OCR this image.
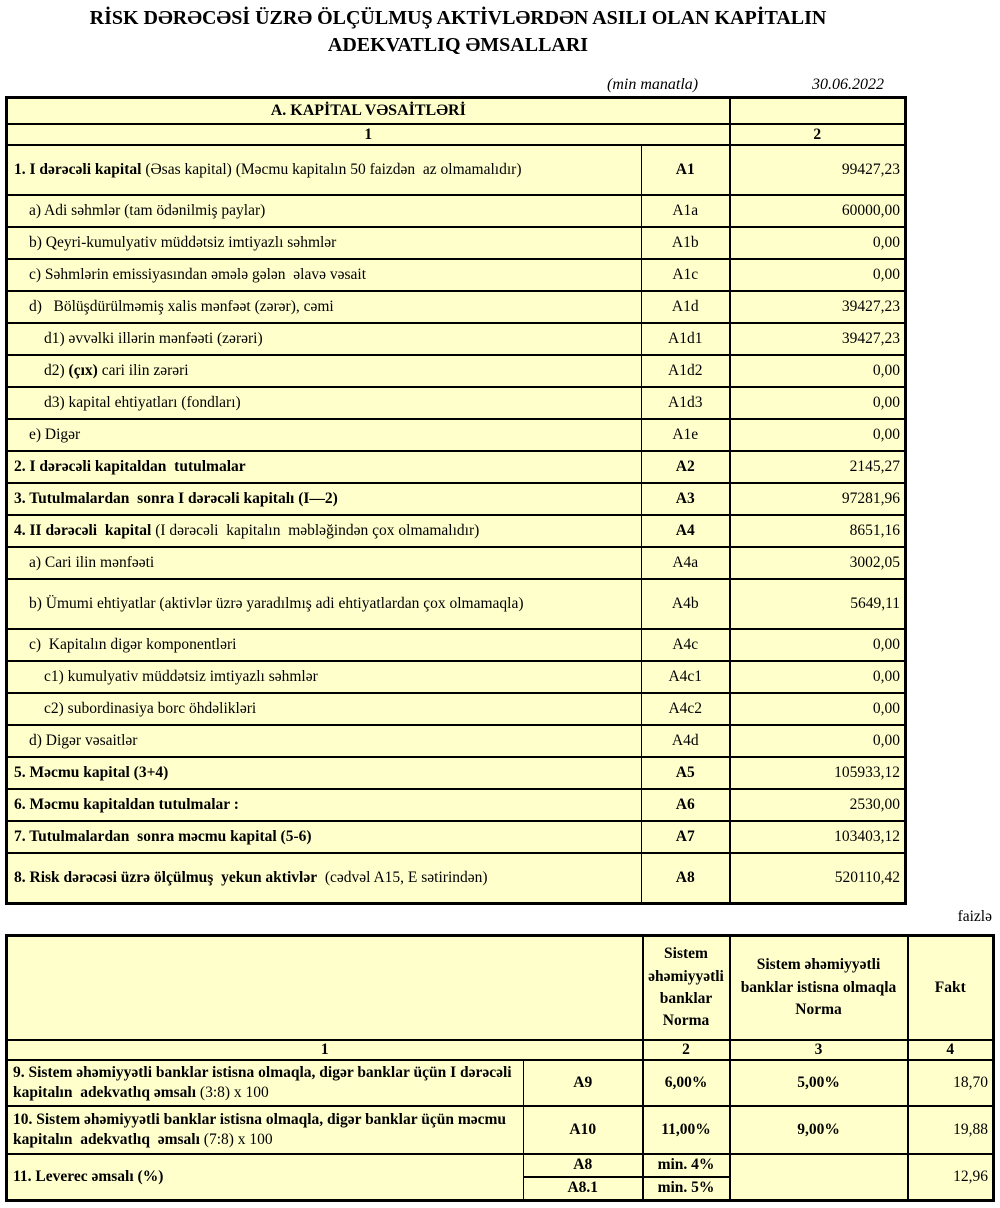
RİSK DƏRƏCƏSİ ÜZRƏ ÖLÇÜLMUŞ AKTİVLƏRDƏN ASILI OLAN KAPİTALIN
ADEKVATLIQ ƏMSALLARI
(min manatla)	30.06.2022
A. KAPİTAL VƏSAİTLƏRİ		
1		2
1. I dərəcəli kapital (Əsas kapital) (Məcmu kapitalın 50 faizdən  az olmamalıdır)	A1	99427,23
a) Adi səhmlər (tam ödənilmiş paylar)	A1a	60000,00
b) Qeyri-kumulyativ müddətsiz imtiyazlı səhmlər	A1b	0,00
c) Səhmlərin emissiyasından əmələ gələn  əlavə vəsait	A1c	0,00
d)   Bölüşdürülməmiş xalis mənfəət (zərər), cəmi	A1d	39427,23
d1) əvvəlki illərin mənfəəti (zərəri)	A1d1	39427,23
d2) (çıx) cari ilin zərəri	A1d2	0,00
d3) kapital ehtiyatları (fondları)	A1d3	0,00
e) Digər	A1e	0,00
2. I dərəcəli kapitaldan  tutulmalar	A2	2145,27
3. Tutulmalardan  sonra I dərəcəli kapitalı (I—2)	A3	97281,96
4. II dərəcəli  kapital (I dərəcəli  kapitalın  məbləğindən çox olmamalıdır)	A4	8651,16
a) Cari ilin mənfəəti	A4a	3002,05
b) Ümumi ehtiyatlar (aktivlər üzrə yaradılmış adi ehtiyatlardan çox olmamaqla)	A4b	5649,11
c)  Kapitalın digər komponentləri	A4c	0,00
c1) kumulyativ müddətsiz imtiyazlı səhmlər	A4c1	0,00
c2) subordinasiya borc öhdəlikləri	A4c2	0,00
d) Digər vəsaitlər	A4d	0,00
5. Məcmu kapital (3+4)	A5	105933,12
6. Məcmu kapitaldan tutulmalar :	A6	2530,00
7. Tutulmalardan  sonra məcmu kapital (5-6)	A7	103403,12
8. Risk dərəcəsi üzrə ölçülmuş  yekun aktivlər  (cədvəl A15, E sətirindən)	A8	520110,42
faizlə
		Sistem əhəmiyyətli banklar Norma	Sistem əhəmiyyətli banklar istisna olmaqla Norma	Fakt
1		2	3	4
9. Sistem əhəmiyyətli banklar istisna olmaqla, digər banklar üçün I dərəcəli  kapitalın  adekvatlıq əmsalı (3:8) x 100	A9	6,00%	5,00%	18,70
10. Sistem əhəmiyyətli banklar istisna olmaqla, digər banklar üçün məcmu kapitalın  adekvatlıq  əmsalı (7:8) x 100	A10	11,00%	9,00%	19,88
11. Leverec əmsalı (%)	A8	min. 4%		12,96
	A8.1	min. 5%		
